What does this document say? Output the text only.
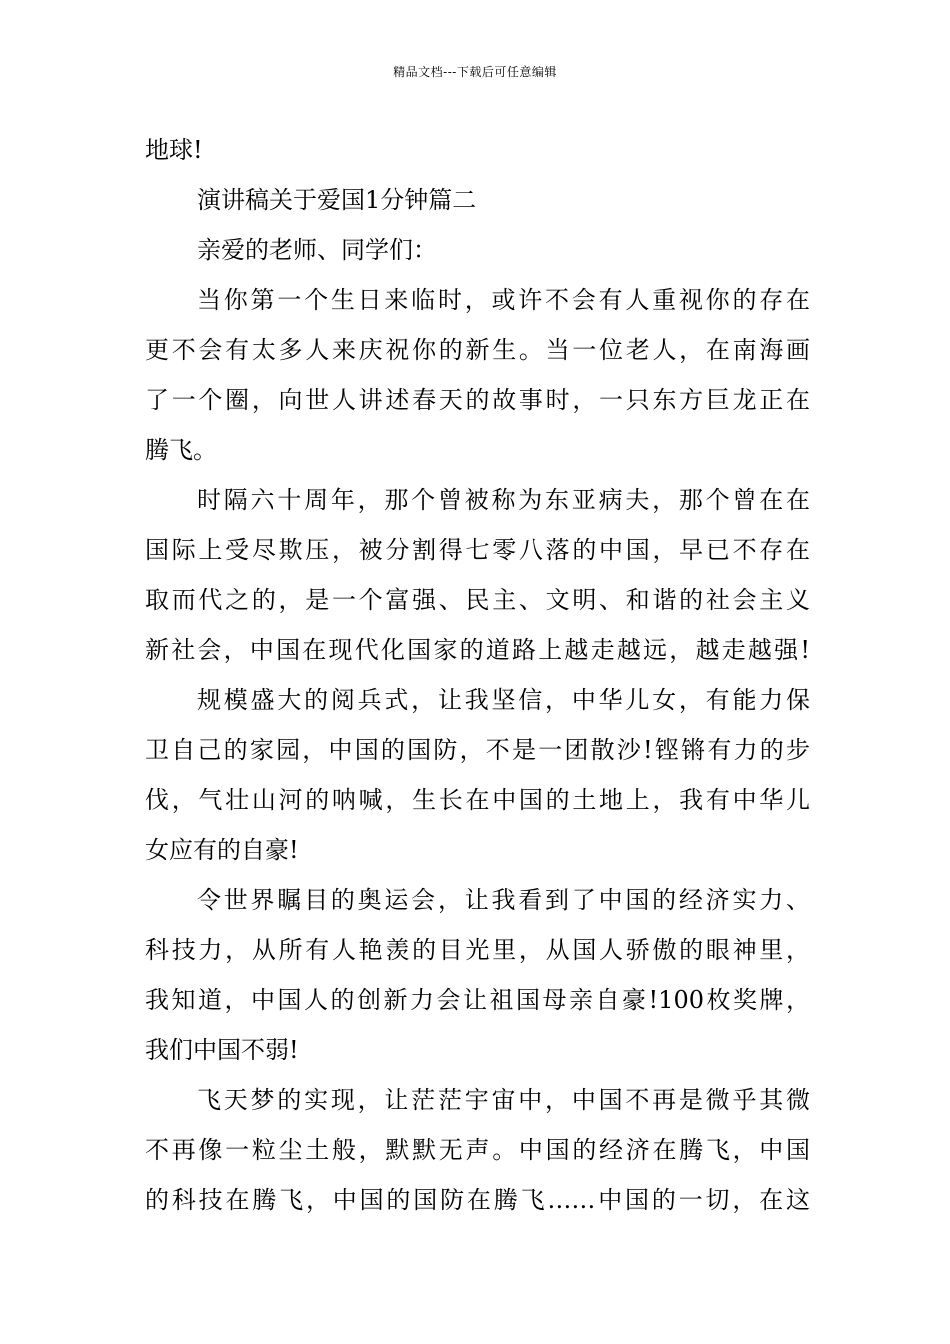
精品文档---下载后可任意编辑
地球!
演讲稿关于爱国1分钟篇二
亲爱的老师、同学们：
当你第一个生日来临时，或许不会有人重视你的存在
更不会有太多人来庆祝你的新生。当一位老人，在南海画
了一个圈，向世人讲述春天的故事时，一只东方巨龙正在
腾飞。
时隔六十周年，那个曾被称为东亚病夫，那个曾在在
国际上受尽欺压，被分割得七零八落的中国，早已不存在
取而代之的，是一个富强、民主、文明、和谐的社会主义
新社会，中国在现代化国家的道路上越走越远，越走越强!
规模盛大的阅兵式，让我坚信，中华儿女，有能力保
卫自己的家园，中国的国防，不是一团散沙!铿锵有力的步
伐，气壮山河的呐喊，生长在中国的土地上，我有中华儿
女应有的自豪!
令世界瞩目的奥运会，让我看到了中国的经济实力、
科技力，从所有人艳羡的目光里，从国人骄傲的眼神里，
我知道，中国人的创新力会让祖国母亲自豪!100枚奖牌，
我们中国不弱!
飞天梦的实现，让茫茫宇宙中，中国不再是微乎其微
不再像一粒尘土般，默默无声。中国的经济在腾飞，中国
的科技在腾飞，中国的国防在腾飞……中国的一切，在这
